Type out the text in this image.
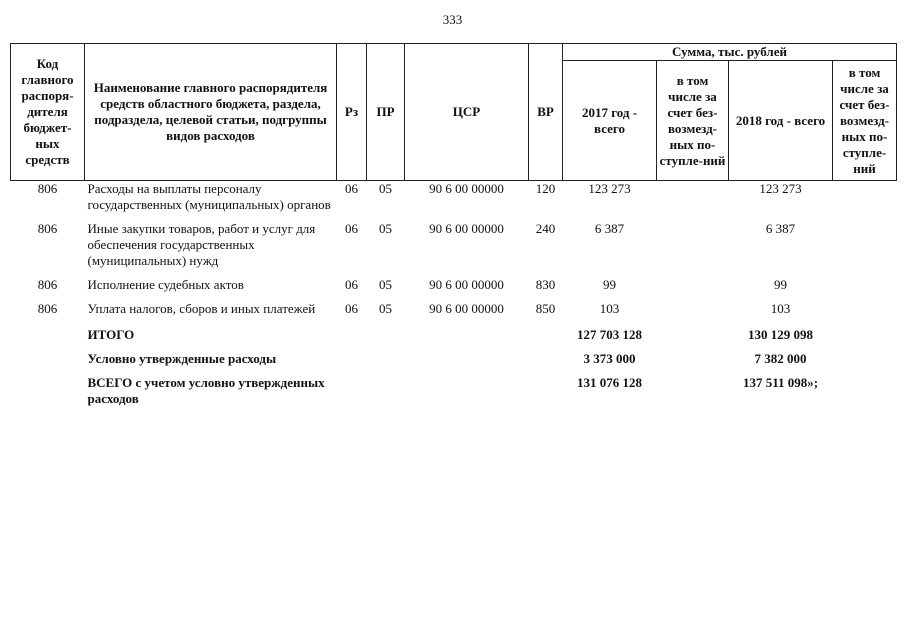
333
Код главного распоря-дителя бюджет-ных средств	Наименование главного распорядителя средств областного бюджета, раздела, подраздела, целевой статьи, подгруппы видов расходов	Рз	ПР	ЦСР	ВР	Сумма, тыс. рублей			
						2017 год - всего	в том числе за счет без-возмезд-ных по-ступле-ний	2018 год - всего	в том числе за счет без-возмезд-ных по-ступле-ний
806	Расходы на выплаты персоналу государственных (муниципальных) органов	06	05	90 6 00 00000	120	123 273		123 273	
806	Иные закупки товаров, работ и услуг для обеспечения государственных (муниципальных) нужд	06	05	90 6 00 00000	240	6 387		6 387	
806	Исполнение судебных актов	06	05	90 6 00 00000	830	99		99	
806	Уплата налогов, сборов и иных платежей	06	05	90 6 00 00000	850	103		103	
	ИТОГО					127 703 128		130 129 098	
	Условно утвержденные расходы					3 373 000		7 382 000	
	ВСЕГО с учетом условно утвержденных расходов					131 076 128		137 511 098»;	
